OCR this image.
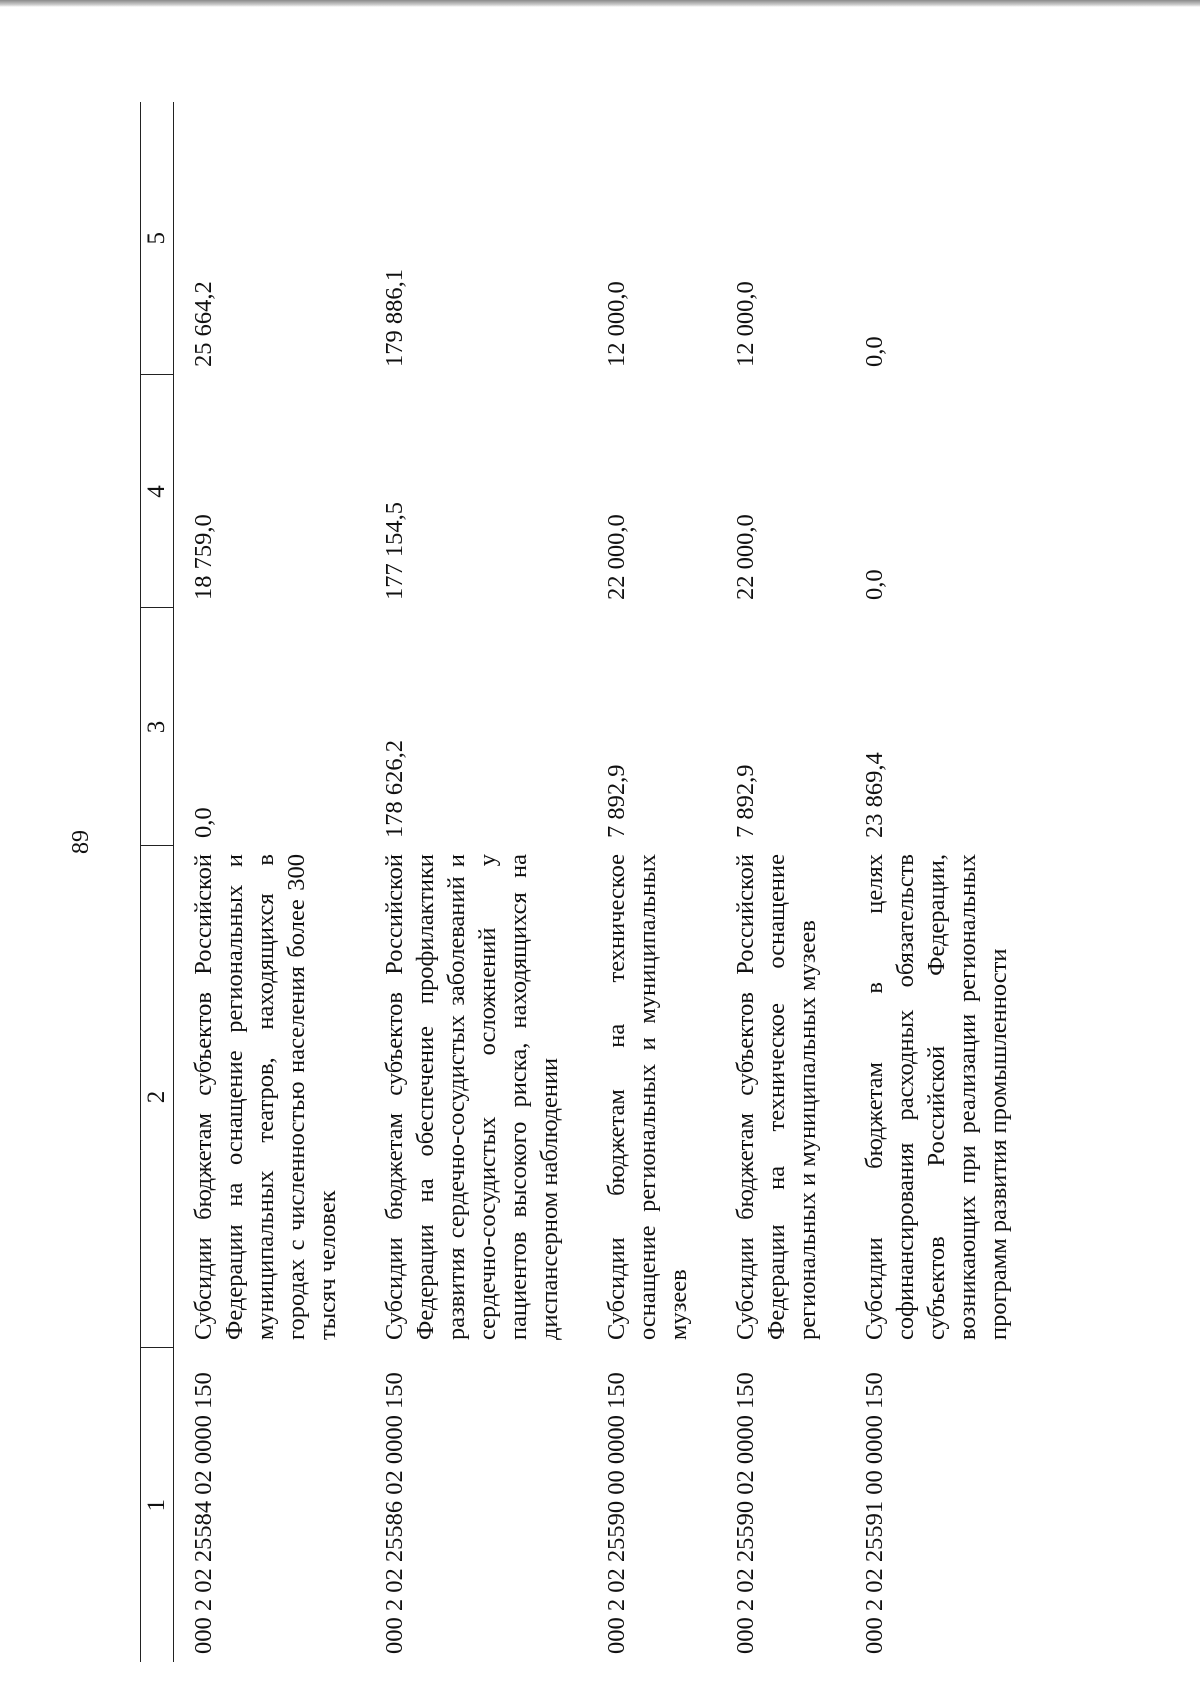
89
1	2	3	4	5
000 2 02 25584 02 0000 150	Субсидии бюджетам субъектов Российской Федерации на оснащение региональных и муниципальных театров, находящихся в городах с численностью населения более 300 тысяч человек	0,0	18 759,0	25 664,2
000 2 02 25586 02 0000 150	Субсидии бюджетам субъектов Российской Федерации на обеспечение профилактики развития сердечно-сосудистых заболеваний и сердечно-сосудистых осложнений у пациентов высокого риска, находящихся на диспансерном наблюдении	178 626,2	177 154,5	179 886,1
000 2 02 25590 00 0000 150	Субсидии бюджетам на техническое оснащение региональных и муниципальных музеев	7 892,9	22 000,0	12 000,0
000 2 02 25590 02 0000 150	Субсидии бюджетам субъектов Российской Федерации на техническое оснащение региональных и муниципальных музеев	7 892,9	22 000,0	12 000,0
000 2 02 25591 00 0000 150	Субсидии бюджетам в целях софинансирования расходных обязательств субъектов Российской Федерации, возникающих при реализации региональных программ развития промышленности	23 869,4	0,0	0,0
